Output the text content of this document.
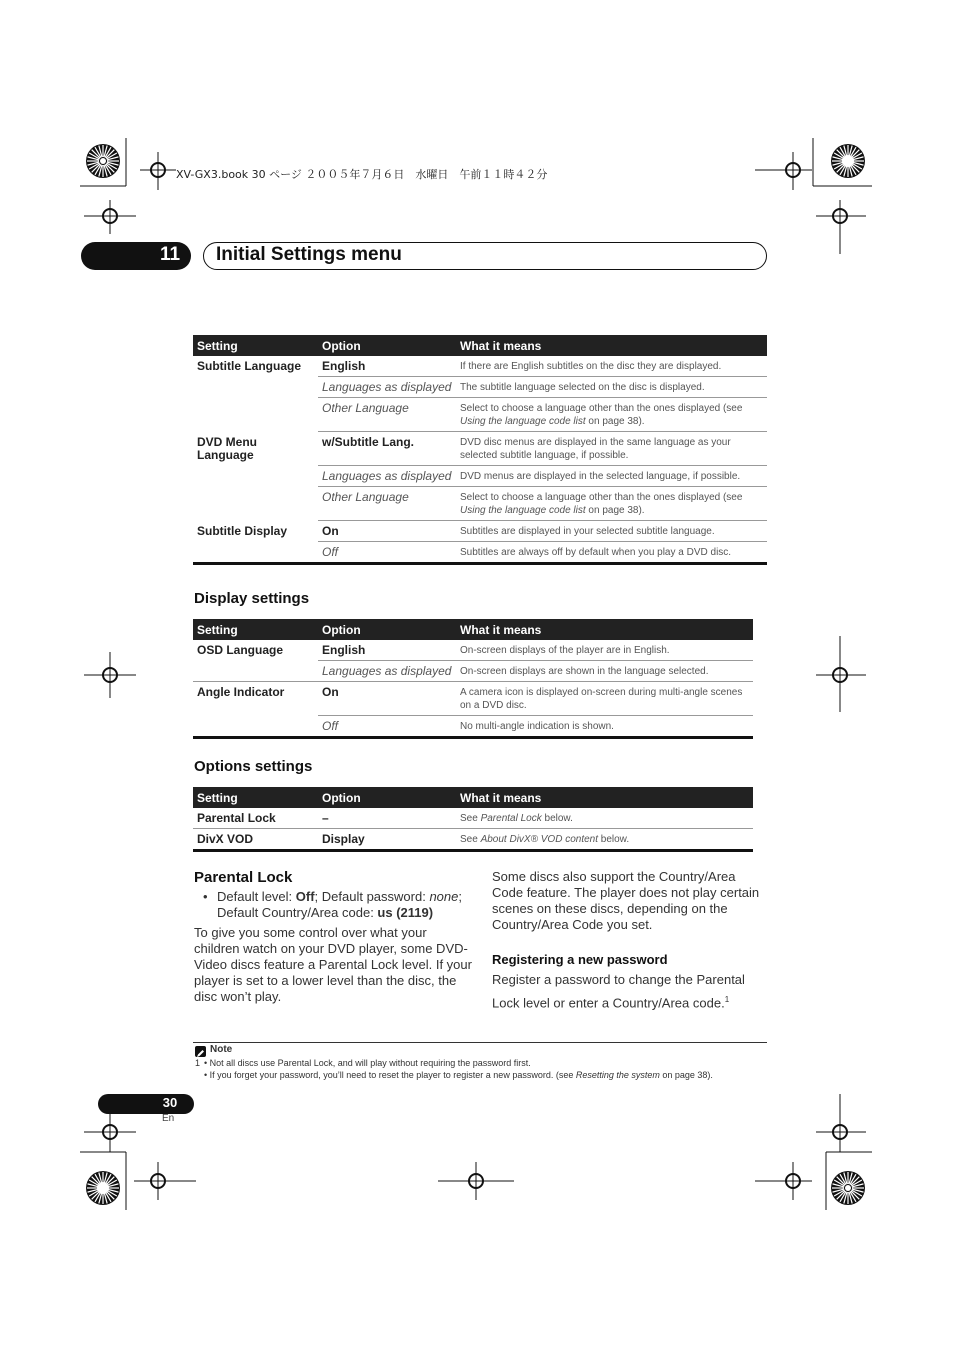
XV-GX3.book 30 ページ ２００５年７月６日　水曜日　午前１１時４２分
11	Initial Settings menu
Setting	Option	What it means
Subtitle Language	English	If there are English subtitles on the disc they are displayed.
	Languages as displayed	The subtitle language selected on the disc is displayed.
	Other Language	Select to choose a language other than the ones displayed (see Using the language code list on page 38).
DVD Menu Language	w/Subtitle Lang.	DVD disc menus are displayed in the same language as your selected subtitle language, if possible.
	Languages as displayed	DVD menus are displayed in the selected language, if possible.
	Other Language	Select to choose a language other than the ones displayed (see Using the language code list on page 38).
Subtitle Display	On	Subtitles are displayed in your selected subtitle language.
	Off	Subtitles are always off by default when you play a DVD disc.
Display settings
Setting	Option	What it means
OSD Language	English	On-screen displays of the player are in English.
	Languages as displayed	On-screen displays are shown in the language selected.
Angle Indicator	On	A camera icon is displayed on-screen during multi-angle scenes on a DVD disc.
	Off	No multi-angle indication is shown.
Options settings
Setting	Option	What it means
Parental Lock	–	See Parental Lock below.
DivX VOD	Display	See About DivX® VOD content below.
Parental Lock
• Default level: Off; Default password: none; Default Country/Area code: us (2119)
To give you some control over what your children watch on your DVD player, some DVD-Video discs feature a Parental Lock level. If your player is set to a lower level than the disc, the disc won’t play.
Some discs also support the Country/Area Code feature. The player does not play certain scenes on these discs, depending on the Country/Area Code you set.
Registering a new password
Register a password to change the Parental Lock level or enter a Country/Area code.$^1$
Note
1 • Not all discs use Parental Lock, and will play without requiring the password first.
• If you forget your password, you’ll need to reset the player to register a new password. (see Resetting the system on page 38).
30
En
